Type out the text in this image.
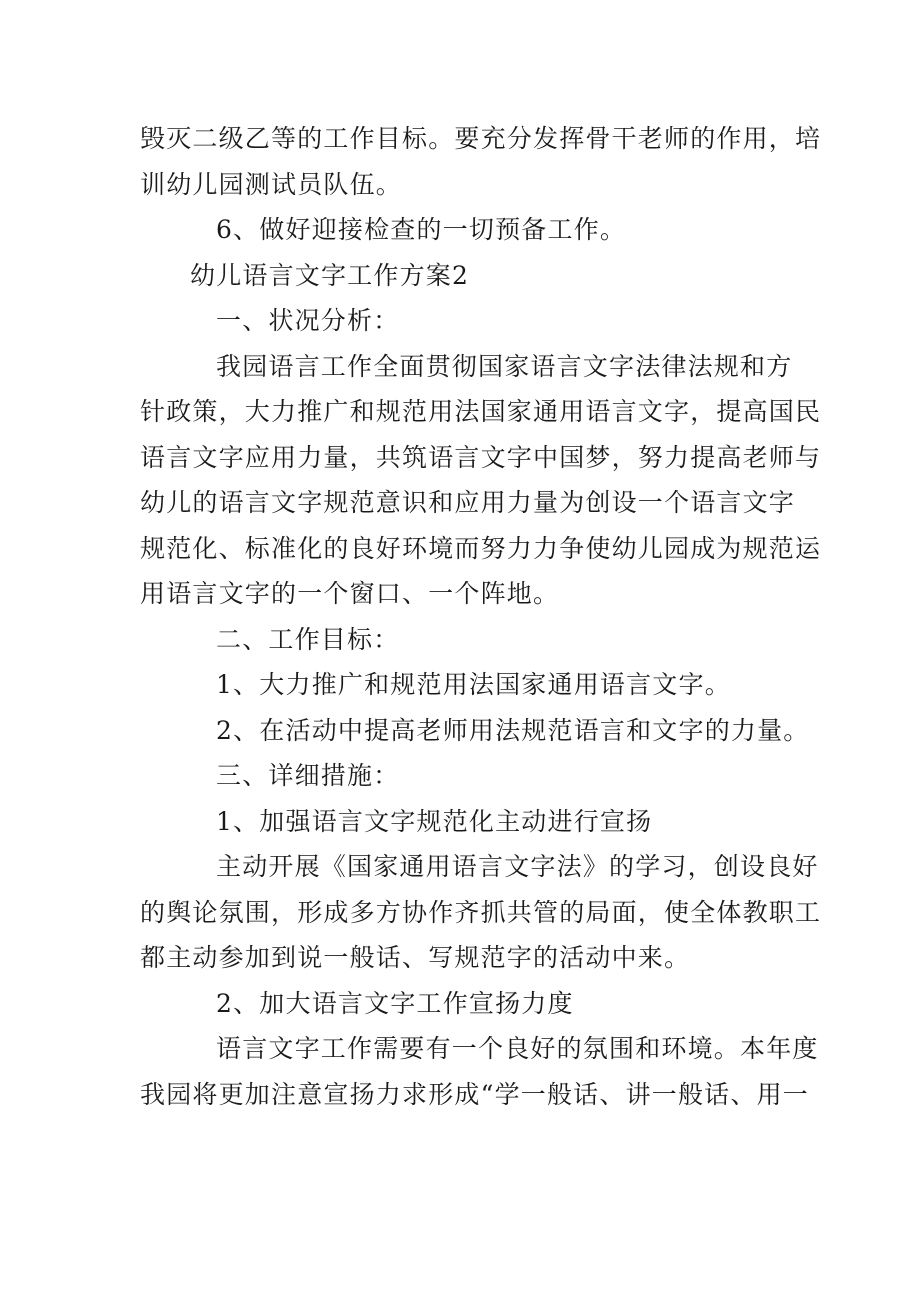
毁灭二级乙等的工作目标。要充分发挥骨干老师的作用，培
训幼儿园测试员队伍。
6、做好迎接检查的一切预备工作。
幼儿语言文字工作方案2
一、状况分析：
我园语言工作全面贯彻国家语言文字法律法规和方
针政策，大力推广和规范用法国家通用语言文字，提高国民
语言文字应用力量，共筑语言文字中国梦，努力提高老师与
幼儿的语言文字规范意识和应用力量为创设一个语言文字
规范化、标准化的良好环境而努力力争使幼儿园成为规范运
用语言文字的一个窗口、一个阵地。
二、工作目标：
1、大力推广和规范用法国家通用语言文字。
2、在活动中提高老师用法规范语言和文字的力量。
三、详细措施：
1、加强语言文字规范化主动进行宣扬
主动开展《国家通用语言文字法》的学习，创设良好
的舆论氛围，形成多方协作齐抓共管的局面，使全体教职工
都主动参加到说一般话、写规范字的活动中来。
2、加大语言文字工作宣扬力度
语言文字工作需要有一个良好的氛围和环境。本年度
我园将更加注意宣扬力求形成“学一般话、讲一般话、用一
